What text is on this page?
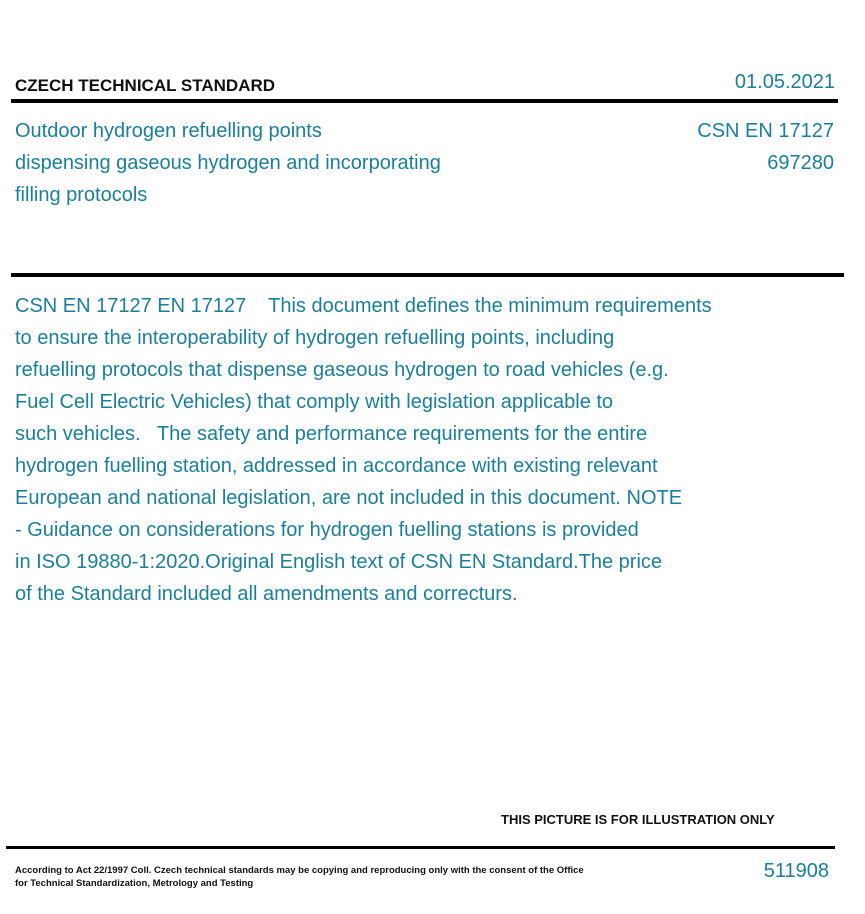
CZECH TECHNICAL STANDARD	01.05.2021
Outdoor hydrogen refuelling points
dispensing gaseous hydrogen and incorporating
filling protocols
CSN EN 17127
697280
CSN EN 17127 EN 17127    This document defines the minimum requirements
to ensure the interoperability of hydrogen refuelling points, including
refuelling protocols that dispense gaseous hydrogen to road vehicles (e.g.
Fuel Cell Electric Vehicles) that comply with legislation applicable to
such vehicles.   The safety and performance requirements for the entire
hydrogen fuelling station, addressed in accordance with existing relevant
European and national legislation, are not included in this document. NOTE
- Guidance on considerations for hydrogen fuelling stations is provided
in ISO 19880-1:2020.Original English text of CSN EN Standard.The price
of the Standard included all amendments and correcturs.
THIS PICTURE IS FOR ILLUSTRATION ONLY
According to Act 22/1997 Coll. Czech technical standards may be copying and reproducing only with the consent of the Office
for Technical Standardization, Metrology and Testing
511908
